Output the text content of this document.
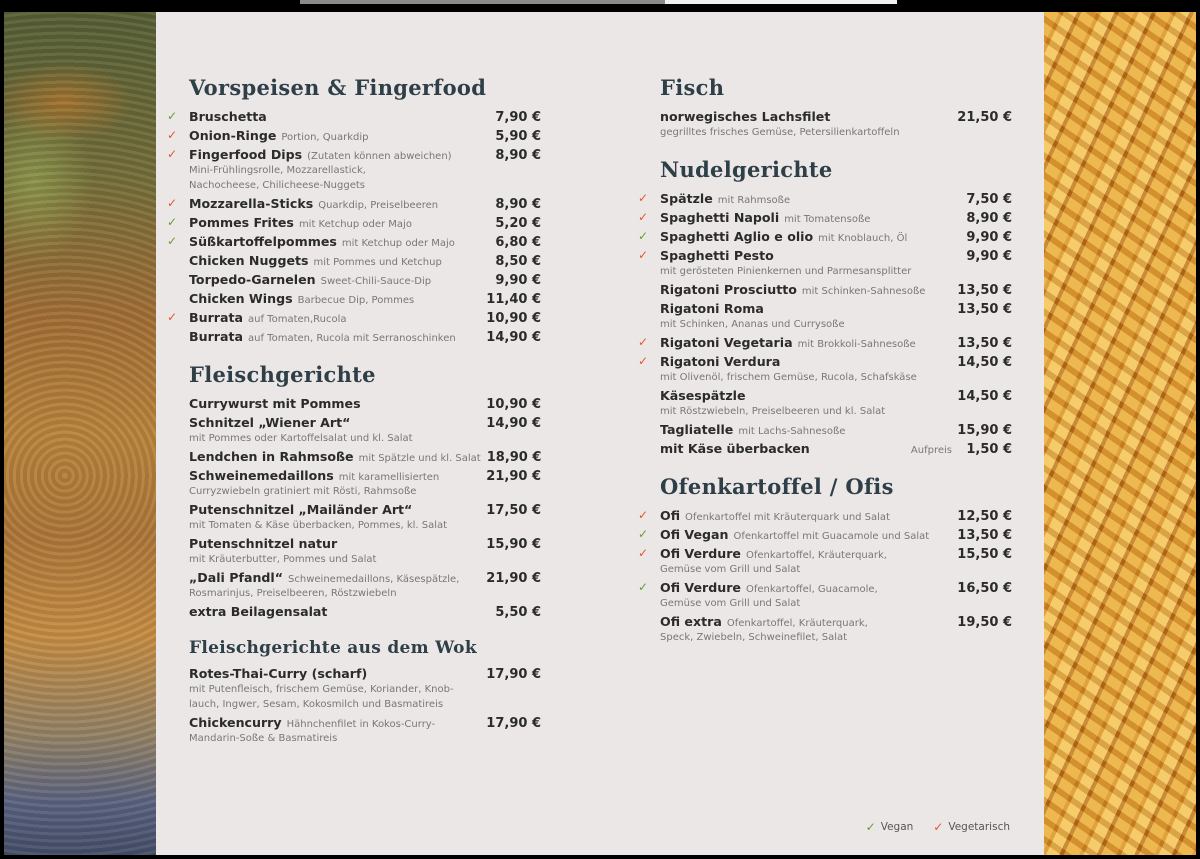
Vorspeisen & Fingerfood
✓ Bruschetta	7,90 €
✓ Onion-Ringe Portion, Quarkdip	5,90 €
✓ Fingerfood Dips (Zutaten können abweichen)	8,90 €
Mini-Frühlingsrolle, Mozzarellastick,
Nachocheese, Chilicheese-Nuggets
✓ Mozzarella-Sticks Quarkdip, Preiselbeeren	8,90 €
✓ Pommes Frites mit Ketchup oder Majo	5,20 €
✓ Süßkartoffelpommes mit Ketchup oder Majo	6,80 €
Chicken Nuggets mit Pommes und Ketchup	8,50 €
Torpedo-Garnelen Sweet-Chili-Sauce-Dip	9,90 €
Chicken Wings Barbecue Dip, Pommes	11,40 €
✓ Burrata auf Tomaten,Rucola	10,90 €
Burrata auf Tomaten, Rucola mit Serranoschinken	14,90 €
Fleischgerichte
Currywurst mit Pommes	10,90 €
Schnitzel „Wiener Art“	14,90 €
mit Pommes oder Kartoffelsalat und kl. Salat
Lendchen in Rahmsoße mit Spätzle und kl. Salat 18,90 €
Schweinemedaillons mit karamellisierten	21,90 €
Curryzwiebeln gratiniert mit Rösti, Rahmsoße
Putenschnitzel „Mailänder Art“	17,50 €
mit Tomaten & Käse überbacken, Pommes, kl. Salat
Putenschnitzel natur	15,90 €
mit Kräuterbutter, Pommes und Salat
„Dali Pfandl“ Schweinemedaillons, Käsespätzle,	21,90 €
Rosmarinjus, Preiselbeeren, Röstzwiebeln
extra Beilagensalat	5,50 €
Fleischgerichte aus dem Wok
Rotes-Thai-Curry (scharf)	17,90 €
mit Putenfleisch, frischem Gemüse, Koriander, Knob-
lauch, Ingwer, Sesam, Kokosmilch und Basmatireis
Chickencurry Hähnchenfilet in Kokos-Curry-	17,90 €
Mandarin-Soße & Basmatireis
Fisch
norwegisches Lachsfilet	21,50 €
gegrilltes frisches Gemüse, Petersilienkartoffeln
Nudelgerichte
✓ Spätzle mit Rahmsoße	7,50 €
✓ Spaghetti Napoli mit Tomatensoße	8,90 €
✓ Spaghetti Aglio e olio mit Knoblauch, Öl	9,90 €
✓ Spaghetti Pesto	9,90 €
mit gerösteten Pinienkernen und Parmesansplitter
Rigatoni Prosciutto mit Schinken-Sahnesoße	13,50 €
Rigatoni Roma	13,50 €
mit Schinken, Ananas und Currysoße
✓ Rigatoni Vegetaria mit Brokkoli-Sahnesoße	13,50 €
✓ Rigatoni Verdura	14,50 €
mit Olivenöl, frischem Gemüse, Rucola, Schafskäse
Käsespätzle	14,50 €
mit Röstzwiebeln, Preiselbeeren und kl. Salat
Tagliatelle mit Lachs-Sahnesoße	15,90 €
mit Käse überbacken	Aufpreis	1,50 €
Ofenkartoffel / Ofis
✓ Ofi Ofenkartoffel mit Kräuterquark und Salat	12,50 €
✓ Ofi Vegan Ofenkartoffel mit Guacamole und Salat	13,50 €
✓ Ofi Verdure Ofenkartoffel, Kräuterquark,	15,50 €
Gemüse vom Grill und Salat
✓ Ofi Verdure Ofenkartoffel, Guacamole,	16,50 €
Gemüse vom Grill und Salat
Ofi extra Ofenkartoffel, Kräuterquark,	19,50 €
Speck, Zwiebeln, Schweinefilet, Salat
✓ Vegan ✓ Vegetarisch
